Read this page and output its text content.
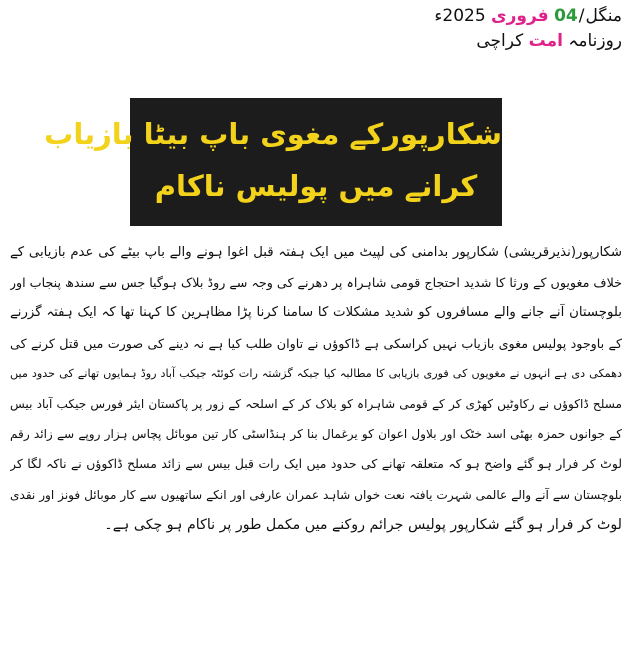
منگل/04 فروری 2025ء
روزنامہ امت کراچی
شکارپورکے مغوی باپ بیٹا بازیاب
کرانے میں پولیس ناکام
شکارپور(نذیرقریشی) شکارپور بدامنی کی لپیٹ میں ایک ہفتہ قبل اغوا ہونے والے باپ بیٹے کی عدم بازیابی کے
خلاف مغویوں کے ورثا کا شدید احتجاج قومی شاہراہ پر دھرنے کی وجہ سے روڈ بلاک ہوگیا جس سے سندھ پنجاب اور
بلوچستان آنے جانے والے مسافروں کو شدید مشکلات کا سامنا کرنا پڑا مظاہرین کا کہنا تھا کہ ایک ہفتہ گزرنے
کے باوجود پولیس مغوی بازیاب نہیں کراسکی ہے ڈاکوؤں نے تاوان طلب کیا ہے نہ دینے کی صورت میں قتل کرنے کی
دھمکی دی ہے انہوں نے مغویوں کی فوری بازیابی کا مطالبہ کیا جبکہ گزشتہ رات کوئٹہ جیکب آباد روڈ ہمایوں تھانے کی حدود میں
مسلح ڈاکوؤں نے رکاوٹیں کھڑی کر کے قومی شاہراہ کو بلاک کر کے اسلحہ کے زور پر پاکستان ایئر فورس جیکب آباد بیس
کے جوانوں حمزہ بھٹی اسد خٹک اور بلاول اعوان کو یرغمال بنا کر ہنڈاسٹی کار تین موبائل پچاس ہزار روپے سے زائد رقم
لوٹ کر فرار ہو گئے واضح ہو کہ متعلقہ تھانے کی حدود میں ایک رات قبل بیس سے زائد مسلح ڈاکوؤں نے ناکہ لگا کر
بلوچستان سے آنے والے عالمی شہرت یافتہ نعت خواں شاہد عمران عارفی اور انکے ساتھیوں سے کار موبائل فونز اور نقدی
لوٹ کر فرار ہو گئے شکارپور پولیس جرائم روکنے میں مکمل طور پر ناکام ہو چکی ہے۔
